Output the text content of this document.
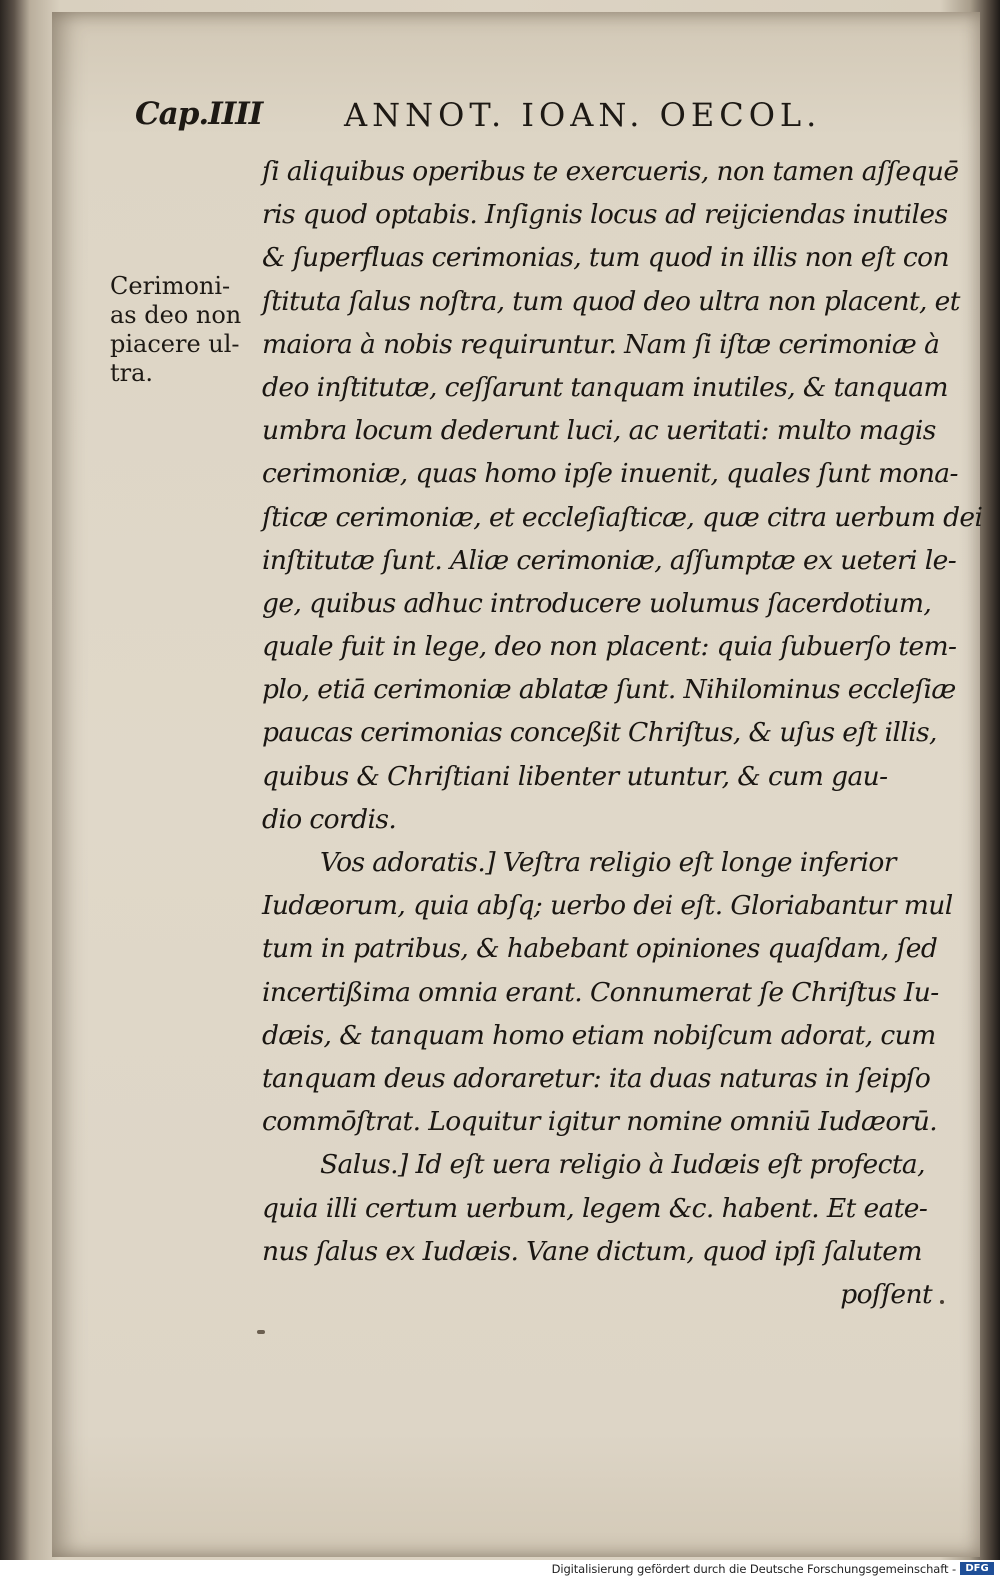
Cap.IIII	ANNOT. IOAN. OECOL.
Cerimoni-
as deo non
piacere ul-
tra.
ſi aliquibus operibus te exercueris, non tamen aſſequē
ris quod optabis. Inſignis locus ad reijciendas inutiles
& ſuperfluas cerimonias, tum quod in illis non eſt con
ſtituta ſalus noſtra, tum quod deo ultra non placent, et
maiora à nobis requiruntur. Nam ſi iſtæ cerimoniæ à
deo inſtitutæ, ceſſarunt tanquam inutiles, & tanquam
umbra locum dederunt luci, ac ueritati: multo magis
cerimoniæ, quas homo ipſe inuenit, quales ſunt mona-
ſticæ cerimoniæ, et eccleſiaſticæ, quæ citra uerbum dei
inſtitutæ ſunt. Aliæ cerimoniæ, aſſumptæ ex ueteri le-
ge, quibus adhuc introducere uolumus ſacerdotium,
quale fuit in lege, deo non placent: quia ſubuerſo tem-
plo, etiā cerimoniæ ablatæ ſunt. Nihilominus eccleſiæ
paucas cerimonias conceßit Chriſtus, & uſus eſt illis,
quibus & Chriſtiani libenter utuntur, & cum gau-
dio cordis.
Vos adoratis.] Veſtra religio eſt longe inferior
Iudæorum, quia abſq; uerbo dei eſt. Gloriabantur mul
tum in patribus, & habebant opiniones quaſdam, ſed
incertißima omnia erant. Connumerat ſe Chriſtus Iu-
dæis, & tanquam homo etiam nobiſcum adorat, cum
tanquam deus adoraretur: ita duas naturas in ſeipſo
commōſtrat. Loquitur igitur nomine omniū Iudæorū.
Salus.] Id eſt uera religio à Iudæis eſt profecta,
quia illi certum uerbum, legem &c. habent. Et eate-
nus ſalus ex Iudæis. Vane dictum, quod ipſi ſalutem
poſſent
Digitalisierung gefördert durch die Deutsche Forschungsgemeinschaft - DFG
